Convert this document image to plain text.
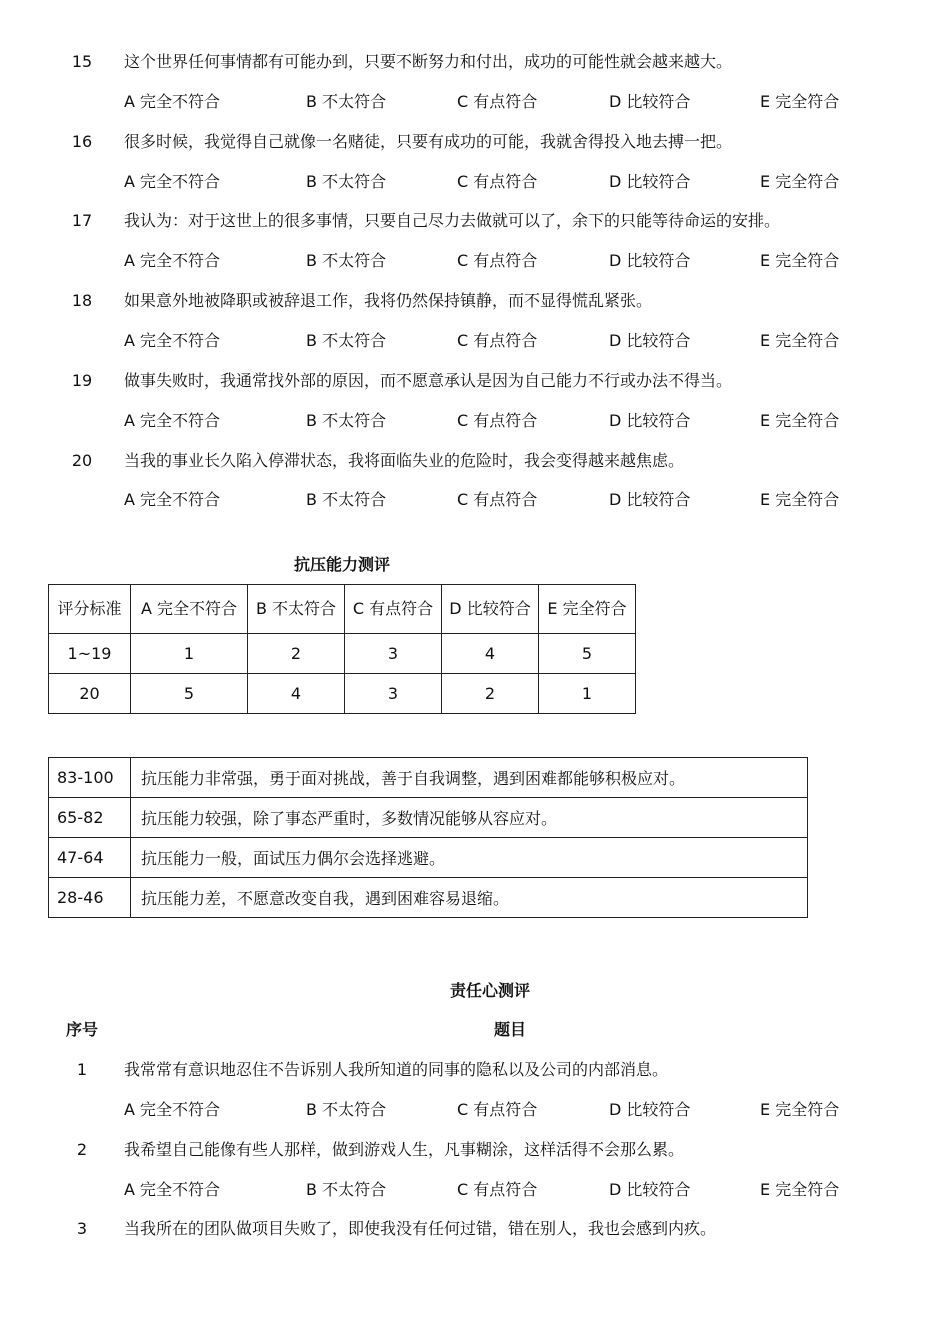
15	这个世界任何事情都有可能办到，只要不断努力和付出，成功的可能性就会越来越大。
A 完全不符合	B 不太符合	C 有点符合	D 比较符合	E 完全符合
16	很多时候，我觉得自己就像一名赌徒，只要有成功的可能，我就舍得投入地去搏一把。
A 完全不符合	B 不太符合	C 有点符合	D 比较符合	E 完全符合
17	我认为：对于这世上的很多事情，只要自己尽力去做就可以了，余下的只能等待命运的安排。
A 完全不符合	B 不太符合	C 有点符合	D 比较符合	E 完全符合
18	如果意外地被降职或被辞退工作，我将仍然保持镇静，而不显得慌乱紧张。
A 完全不符合	B 不太符合	C 有点符合	D 比较符合	E 完全符合
19	做事失败时，我通常找外部的原因，而不愿意承认是因为自己能力不行或办法不得当。
A 完全不符合	B 不太符合	C 有点符合	D 比较符合	E 完全符合
20	当我的事业长久陷入停滞状态，我将面临失业的危险时，我会变得越来越焦虑。
A 完全不符合	B 不太符合	C 有点符合	D 比较符合	E 完全符合
抗压能力测评
评分标准	A 完全不符合	B 不太符合	C 有点符合	D 比较符合	E 完全符合
1~19	1	2	3	4	5
20	5	4	3	2	1
83-100	抗压能力非常强，勇于面对挑战，善于自我调整，遇到困难都能够积极应对。
65-82	抗压能力较强，除了事态严重时，多数情况能够从容应对。
47-64	抗压能力一般，面试压力偶尔会选择逃避。
28-46	抗压能力差，不愿意改变自我，遇到困难容易退缩。
责任心测评
序号	题目
1	我常常有意识地忍住不告诉别人我所知道的同事的隐私以及公司的内部消息。
A 完全不符合	B 不太符合	C 有点符合	D 比较符合	E 完全符合
2	我希望自己能像有些人那样，做到游戏人生，凡事糊涂，这样活得不会那么累。
A 完全不符合	B 不太符合	C 有点符合	D 比较符合	E 完全符合
3	当我所在的团队做项目失败了，即使我没有任何过错，错在别人，我也会感到内疚。
